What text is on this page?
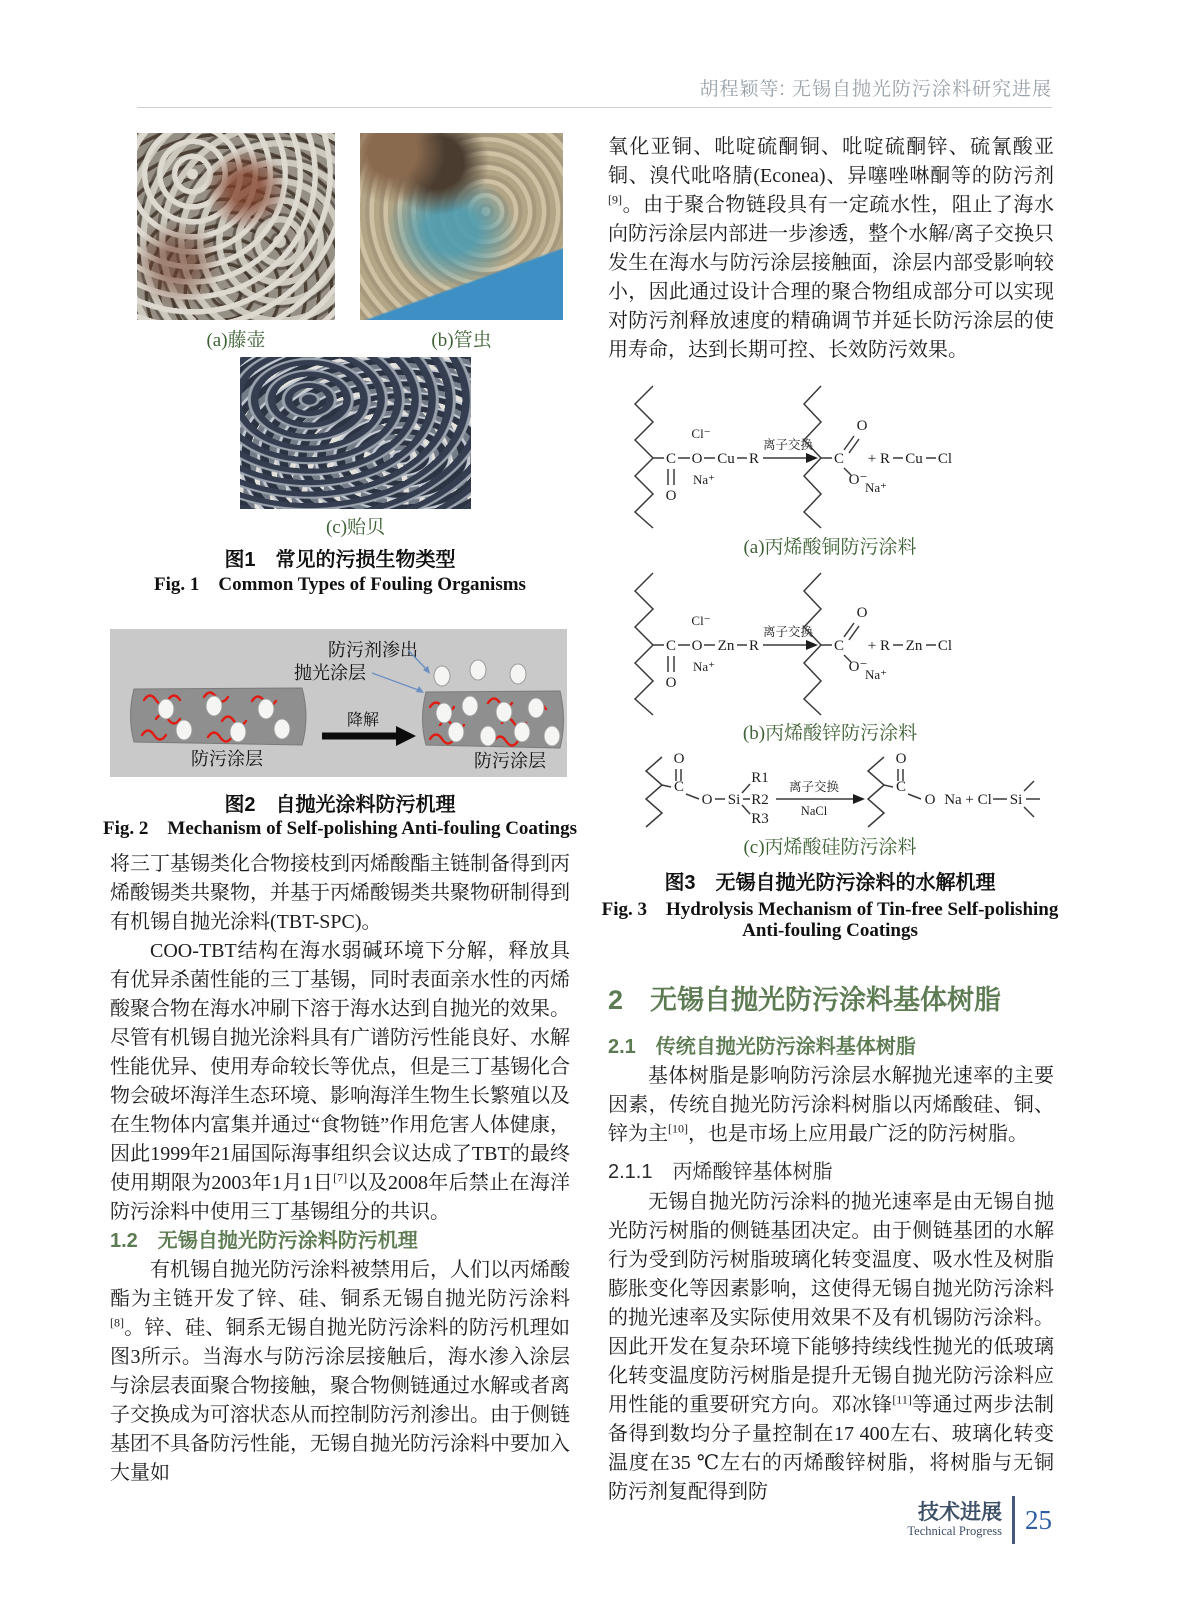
胡程颖等: 无锡自抛光防污涂料研究进展
(a)藤壶	(b)管虫
(c)贻贝
图1　常见的污损生物类型
Fig. 1　Common Types of Fouling Organisms
防污剂渗出
抛光涂层
防污涂层
降解
防污涂层
图2　自抛光涂料防污机理
Fig. 2　Mechanism of Self-polishing Anti-fouling Coatings

将三丁基锡类化合物接枝到丙烯酸酯主链制备得到丙烯酸锡类共聚物，并基于丙烯酸锡类共聚物研制得到有机锡自抛光涂料(TBT-SPC)。

COO-TBT结构在海水弱碱环境下分解，释放具有优异杀菌性能的三丁基锡，同时表面亲水性的丙烯酸聚合物在海水冲刷下溶于海水达到自抛光的效果。尽管有机锡自抛光涂料具有广谱防污性能良好、水解性能优异、使用寿命较长等优点，但是三丁基锡化合物会破坏海洋生态环境、影响海洋生物生长繁殖以及在生物体内富集并通过“食物链”作用危害人体健康，因此1999年21届国际海事组织会议达成了TBT的最终使用期限为2003年1月1日[7]以及2008年后禁止在海洋防污涂料中使用三丁基锡组分的共识。

1.2　无锡自抛光防污涂料防污机理

有机锡自抛光防污涂料被禁用后，人们以丙烯酸酯为主链开发了锌、硅、铜系无锡自抛光防污涂料[8]。锌、硅、铜系无锡自抛光防污涂料的防污机理如图3所示。当海水与防污涂层接触后，海水渗入涂层与涂层表面聚合物接触，聚合物侧链通过水解或者离子交换成为可溶状态从而控制防污剂渗出。由于侧链基团不具备防污性能，无锡自抛光防污涂料中要加入大量如

氧化亚铜、吡啶硫酮铜、吡啶硫酮锌、硫氰酸亚铜、溴代吡咯腈(Econea)、异噻唑啉酮等的防污剂[9]。由于聚合物链段具有一定疏水性，阻止了海水向防污涂层内部进一步渗透，整个水解/离子交换只发生在海水与防污涂层接触面，涂层内部受影响较小，因此通过设计合理的聚合物组成部分可以实现对防污剂释放速度的精确调节并延长防污涂层的使用寿命，达到长期可控、长效防污效果。

C
O
O
Cl⁻
Na⁺
Cu R
离子交换
C
O
O⁻
Na⁺
+ R Cu Cl
(a)丙烯酸铜防污涂料
C
O
O
Cl⁻
Na⁺
Zn R
离子交换
C
O
O⁻
Na⁺
+ R Zn Cl
(b)丙烯酸锌防污涂料
C
O
O Si
R1
R2
R3
离子交换
NaCl
C
O
O Na + Cl Si
(c)丙烯酸硅防污涂料
图3　无锡自抛光防污涂料的水解机理
Fig. 3　Hydrolysis Mechanism of Tin-free Self-polishing
Anti-fouling Coatings
2　无锡自抛光防污涂料基体树脂
2.1　传统自抛光防污涂料基体树脂

基体树脂是影响防污涂层水解抛光速率的主要因素，传统自抛光防污涂料树脂以丙烯酸硅、铜、锌为主[10]，也是市场上应用最广泛的防污树脂。

2.1.1　丙烯酸锌基体树脂

无锡自抛光防污涂料的抛光速率是由无锡自抛光防污树脂的侧链基团决定。由于侧链基团的水解行为受到防污树脂玻璃化转变温度、吸水性及树脂膨胀变化等因素影响，这使得无锡自抛光防污涂料的抛光速率及实际使用效果不及有机锡防污涂料。因此开发在复杂环境下能够持续线性抛光的低玻璃化转变温度防污树脂是提升无锡自抛光防污涂料应用性能的重要研究方向。邓冰锋[11]等通过两步法制备得到数均分子量控制在17 400左右、玻璃化转变温度在35 ℃左右的丙烯酸锌树脂，将树脂与无铜防污剂复配得到防

技术进展
Technical Progress 25
